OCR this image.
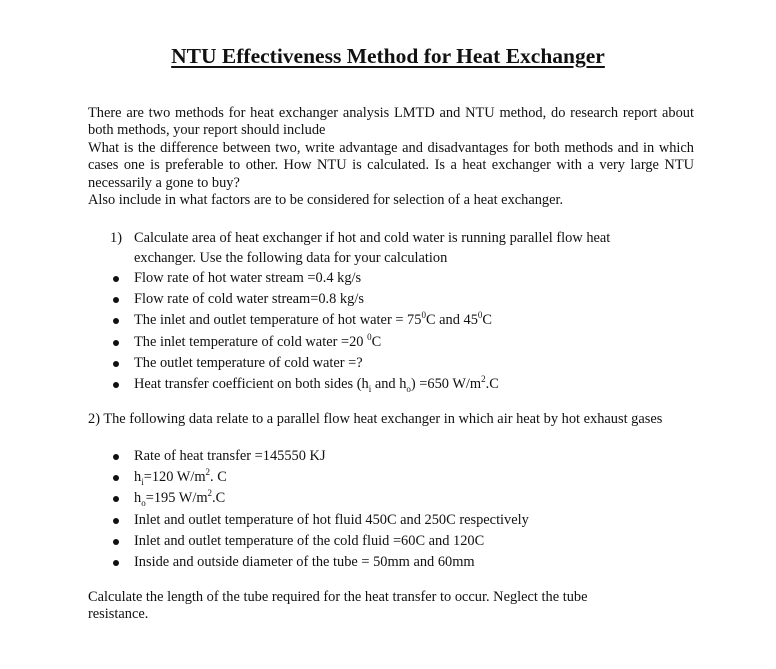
NTU Effectiveness Method for Heat Exchanger

There are two methods for heat exchanger analysis LMTD and NTU method, do research report about both methods, your report should include

What is the difference between two, write advantage and disadvantages for both methods and in which cases one is preferable to other. How NTU is calculated. Is a heat exchanger with a very large NTU necessarily a gone to buy?

Also include in what factors are to be considered for selection of a heat exchanger.

1) Calculate area of heat exchanger if hot and cold water is running parallel flow heat exchanger. Use the following data for your calculation
Flow rate of hot water stream =0.4 kg/s
Flow rate of cold water stream=0.8 kg/s
The inlet and outlet temperature of hot water = $75^0C$ and $45^0C$
The inlet temperature of cold water =20 $^0$C
The outlet temperature of cold water =?
Heat transfer coefficient on both sides ($h_i$ and $h_o) =650$ $W/m^2.C$
2) The following data relate to a parallel flow heat exchanger in which air heat by hot exhaust gases
Rate of heat transfer =145550 KJ
$h_i=120$ $W/m^2$. C
$h_o=195$ $W/m^2.C$
Inlet and outlet temperature of hot fluid 450C and 250C respectively
Inlet and outlet temperature of the cold fluid =60C and 120C
Inside and outside diameter of the tube = 50mm and 60mm
Calculate the length of the tube required for the heat transfer to occur. Neglect the tube resistance.
